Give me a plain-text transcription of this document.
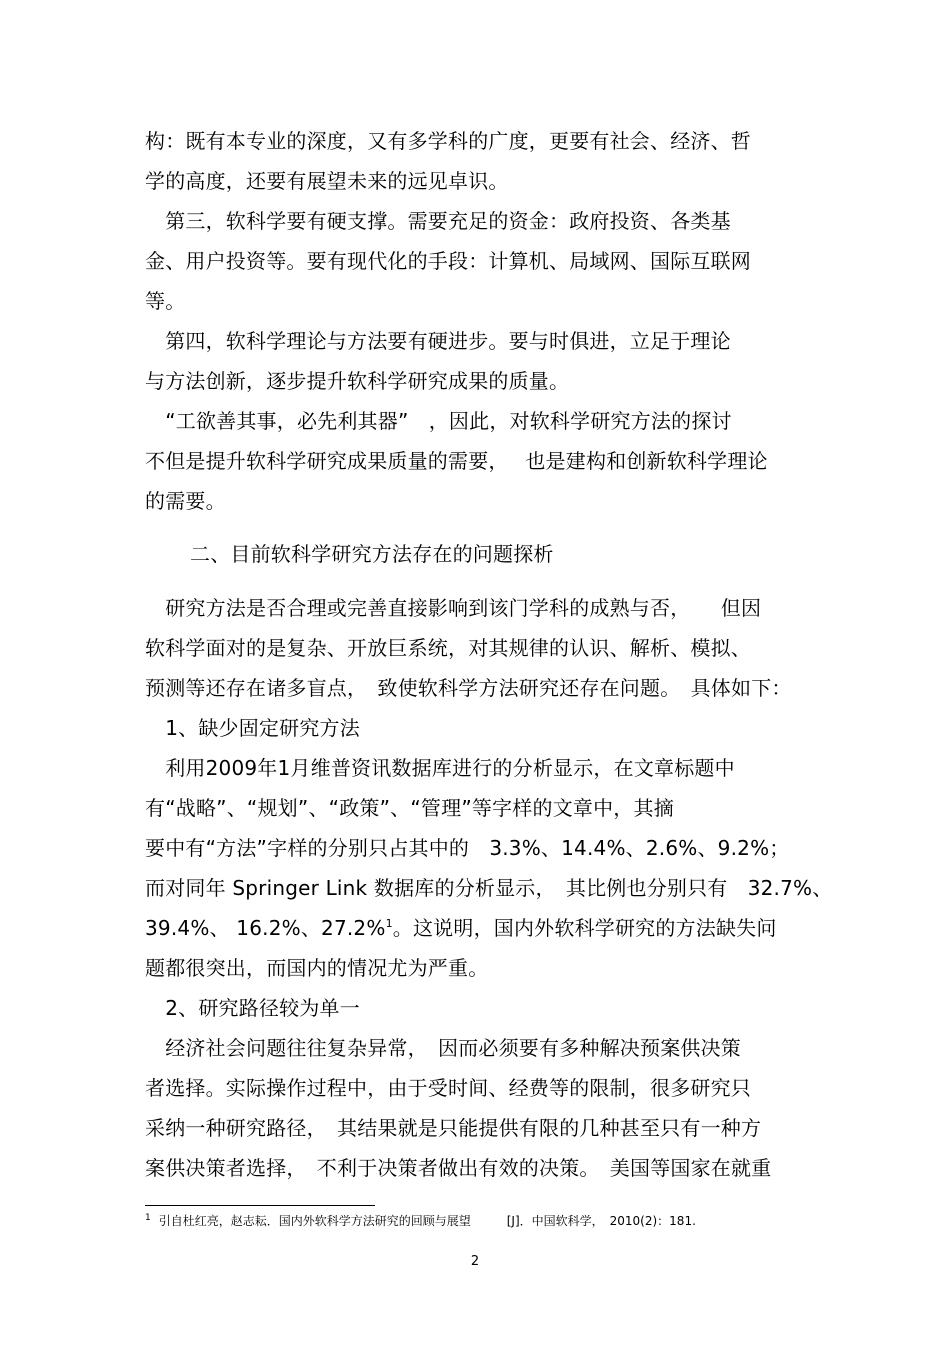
构：既有本专业的深度，又有多学科的广度，更要有社会、经济、哲
学的高度，还要有展望未来的远见卓识。
　第三，软科学要有硬支撑。需要充足的资金：政府投资、各类基
金、用户投资等。要有现代化的手段：计算机、局域网、国际互联网
等。
　第四，软科学理论与方法要有硬进步。要与时俱进，立足于理论
与方法创新，逐步提升软科学研究成果的质量。
　“工欲善其事，必先利其器”　，因此，对软科学研究方法的探讨
不但是提升软科学研究成果质量的需要，　 也是建构和创新软科学理论
的需要。
二、目前软科学研究方法存在的问题探析
　研究方法是否合理或完善直接影响到该门学科的成熟与否，　　但因
软科学面对的是复杂、开放巨系统，对其规律的认识、解析、模拟、
预测等还存在诸多盲点，　致使软科学方法研究还存在问题。　具体如下：
　1、缺少固定研究方法
　利用2009年1月维普资讯数据库进行的分析显示，在文章标题中
有“战略”、“规划”、“政策”、“管理”等字样的文章中，其摘
要中有“方法”字样的分别只占其中的　3.3%、14.4%、2.6%、9.2%；
而对同年 Springer Link 数据库的分析显示，　其比例也分别只有　32.7%、
39.4%、 16.2%、27.2%$^1$。这说明，国内外软科学研究的方法缺失问
题都很突出，而国内的情况尤为严重。
　2、研究路径较为单一
　经济社会问题往往复杂异常，　因而必须要有多种解决预案供决策
者选择。实际操作过程中，由于受时间、经费等的限制，很多研究只
采纳一种研究路径，　其结果就是只能提供有限的几种甚至只有一种方
案供决策者选择，　不利于决策者做出有效的决策。　美国等国家在就重
$^1$ 引自杜红亮，赵志耘．国内外软科学方法研究的回顾与展望　　　[J]．中国软科学，　2010(2)：181.
2
